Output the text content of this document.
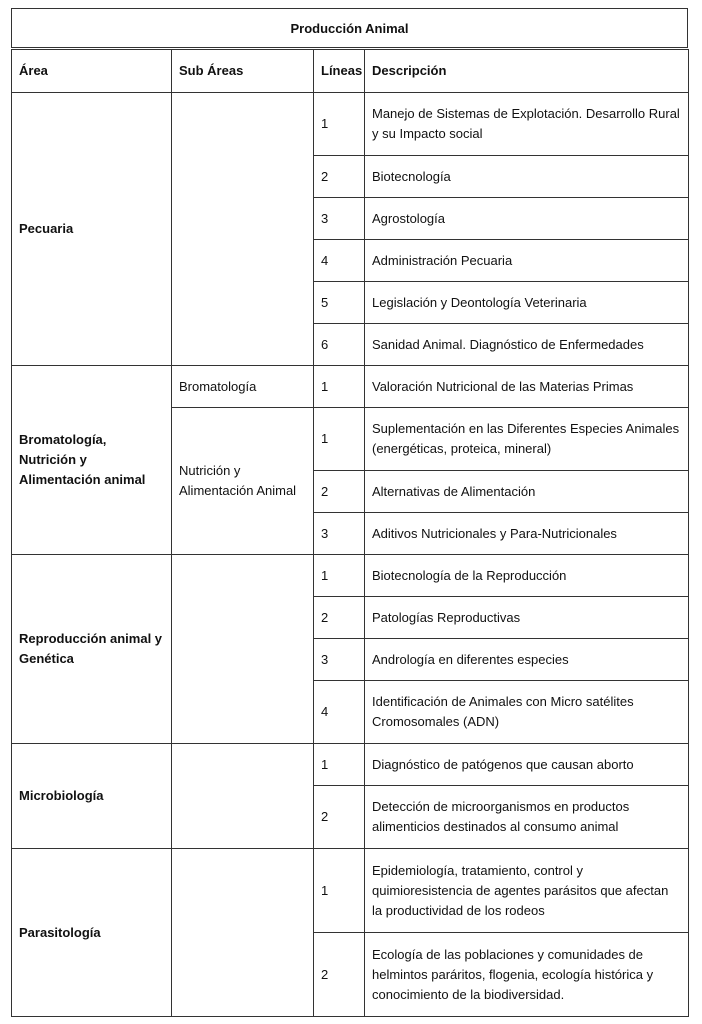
Producción Animal
Área	Sub Áreas	Líneas	Descripción
Pecuaria		1	Manejo de Sistemas de Explotación. Desarrollo Rural y su Impacto social
		2	Biotecnología
		3	Agrostología
		4	Administración Pecuaria
		5	Legislación y Deontología Veterinaria
		6	Sanidad Animal. Diagnóstico de Enfermedades
Bromatología, Nutrición y Alimentación animal	Bromatología	1	Valoración Nutricional de las Materias Primas
	Nutrición y Alimentación Animal	1	Suplementación en las Diferentes Especies Animales (energéticas, proteica, mineral)
		2	Alternativas de Alimentación
		3	Aditivos Nutricionales y Para-Nutricionales
Reproducción animal y Genética		1	Biotecnología de la Reproducción
		2	Patologías Reproductivas
		3	Andrología en diferentes especies
		4	Identificación de Animales con Micro satélites Cromosomales (ADN)
Microbiología		1	Diagnóstico de patógenos que causan aborto
		2	Detección de microorganismos en productos alimenticios destinados al consumo animal
Parasitología		1	Epidemiología, tratamiento, control y quimioresistencia de agentes parásitos que afectan la productividad de los rodeos
		2	Ecología de las poblaciones y comunidades de helmintos paráritos, flogenia, ecología histórica y conocimiento de la biodiversidad.
